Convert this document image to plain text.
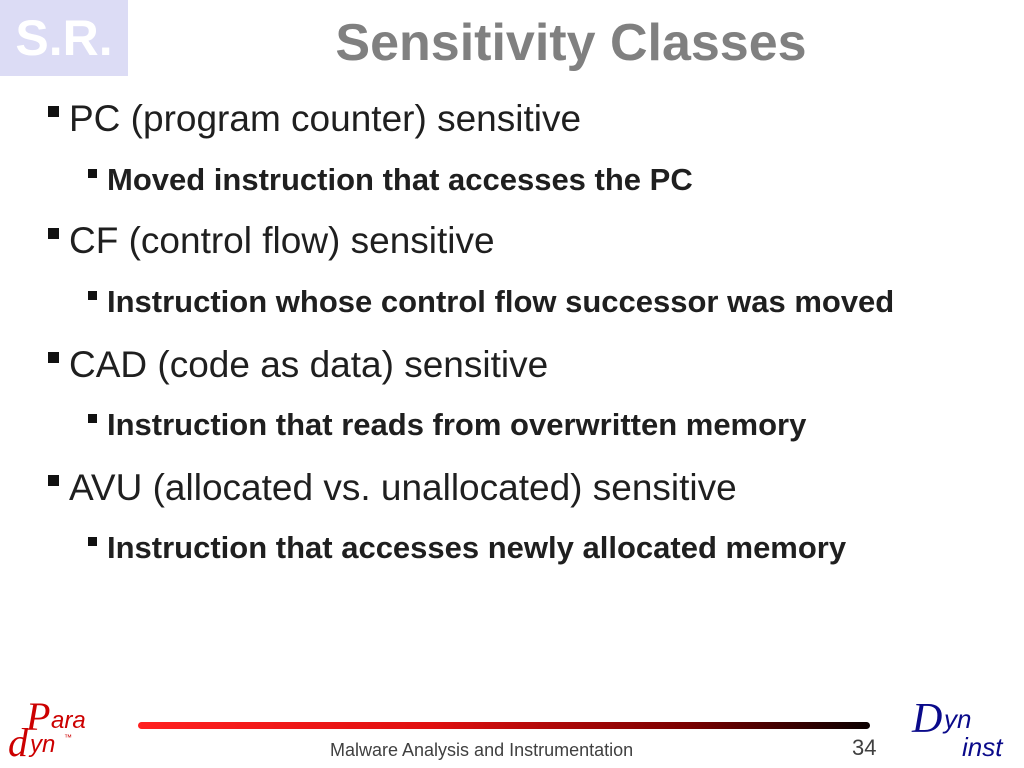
S.R.	Sensitivity Classes
PC (program counter) sensitive
Moved instruction that accesses the PC
CF (control flow) sensitive
Instruction whose control flow successor was moved
CAD (code as data) sensitive
Instruction that reads from overwritten memory
AVU (allocated vs. unallocated) sensitive
Instruction that accesses newly allocated memory
P ara
d yn ™
Malware Analysis and Instrumentation	34
D yn
inst
